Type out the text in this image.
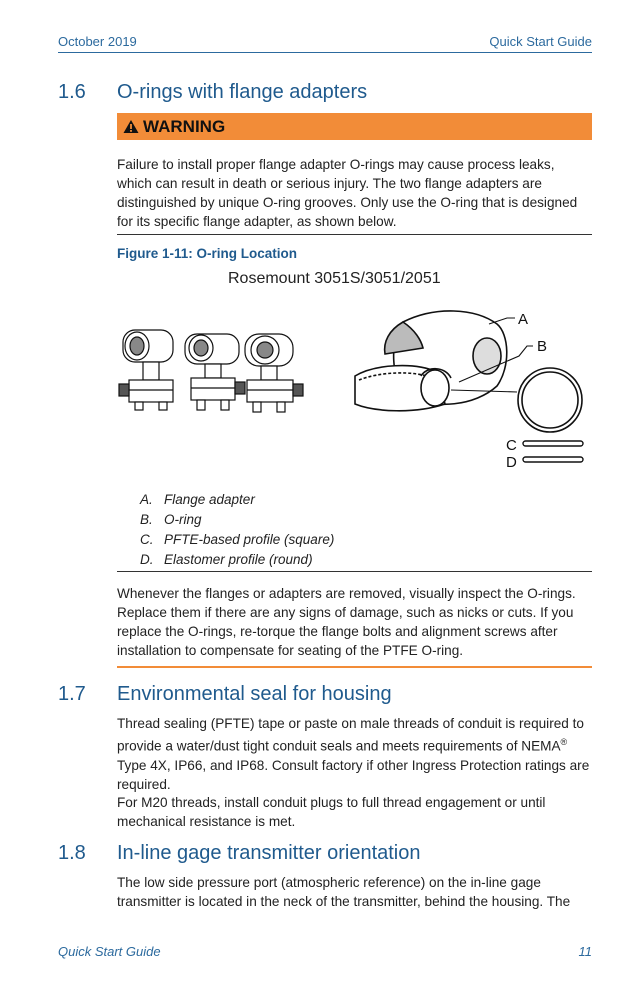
October 2019	Quick Start Guide
1.6 O-rings with flange adapters
WARNING
Failure to install proper flange adapter O-rings may cause process leaks, which can result in death or serious injury. The two flange adapters are distinguished by unique O-ring grooves. Only use the O-ring that is designed for its specific flange adapter, as shown below.
Figure 1-11: O-ring Location
Rosemount 3051S/3051/2051
A
B
C
D
A. Flange adapter
B. O-ring
C. PFTE-based profile (square)
D. Elastomer profile (round)
Whenever the flanges or adapters are removed, visually inspect the O-rings. Replace them if there are any signs of damage, such as nicks or cuts. If you replace the O-rings, re-torque the flange bolts and alignment screws after installation to compensate for seating of the PTFE O-ring.
1.7 Environmental seal for housing
Thread sealing (PFTE) tape or paste on male threads of conduit is required to provide a water/dust tight conduit seals and meets requirements of NEMA® Type 4X, IP66, and IP68. Consult factory if other Ingress Protection ratings are required.
For M20 threads, install conduit plugs to full thread engagement or until mechanical resistance is met.
1.8 In-line gage transmitter orientation
The low side pressure port (atmospheric reference) on the in-line gage transmitter is located in the neck of the transmitter, behind the housing. The
Quick Start Guide	11
